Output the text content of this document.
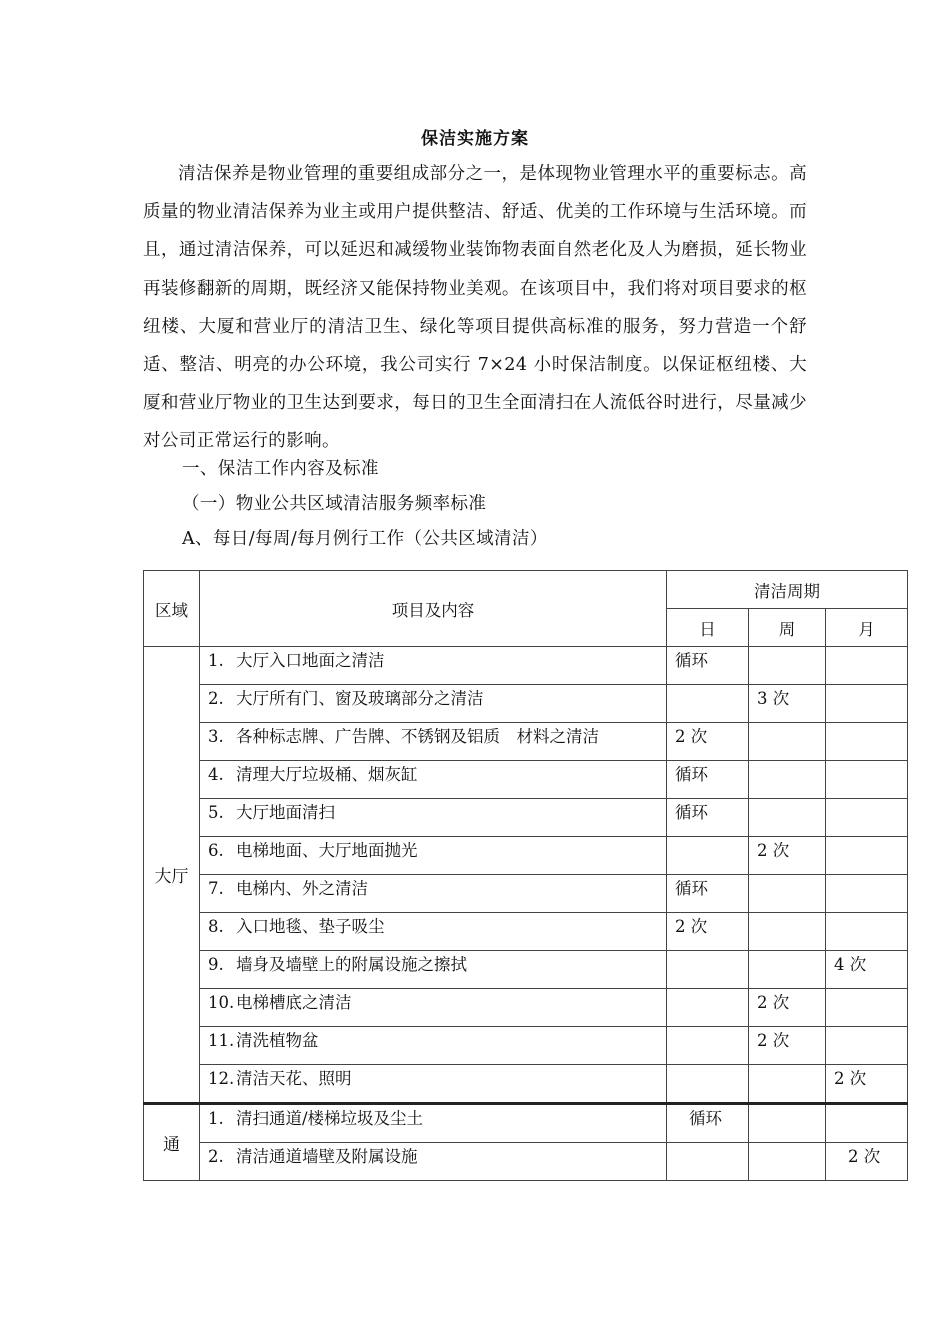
保洁实施方案
清洁保养是物业管理的重要组成部分之一，是体现物业管理水平的重要标志。高质量的物业清洁保养为业主或用户提供整洁、舒适、优美的工作环境与生活环境。而且，通过清洁保养，可以延迟和减缓物业装饰物表面自然老化及人为磨损，延长物业再装修翻新的周期，既经济又能保持物业美观。在该项目中，我们将对项目要求的枢纽楼、大厦和营业厅的清洁卫生、绿化等项目提供高标准的服务，努力营造一个舒适、整洁、明亮的办公环境，我公司实行 7×24 小时保洁制度。以保证枢纽楼、大厦和营业厅物业的卫生达到要求，每日的卫生全面清扫在人流低谷时进行，尽量减少对公司正常运行的影响。
一、保洁工作内容及标准
（一）物业公共区域清洁服务频率标准
A、每日/每周/每月例行工作（公共区域清洁）
区域	项目及内容	清洁周期		
		日	周	月
大厅	1. 大厅入口地面之清洁	循环		
	2. 大厅所有门、窗及玻璃部分之清洁		3 次	
	3. 各种标志牌、广告牌、不锈钢及铝质　材料之清洁	2 次		
	4. 清理大厅垃圾桶、烟灰缸	循环		
	5. 大厅地面清扫	循环		
	6. 电梯地面、大厅地面抛光		2 次	
	7. 电梯内、外之清洁	循环		
	8. 入口地毯、垫子吸尘	2 次		
	9. 墙身及墙壁上的附属设施之擦拭			4 次
	10. 电梯槽底之清洁		2 次	
	11. 清洗植物盆		2 次	
	12. 清洁天花、照明			2 次
通	1. 清扫通道/楼梯垃圾及尘土	循环		
	2. 清洁通道墙壁及附属设施			2 次
